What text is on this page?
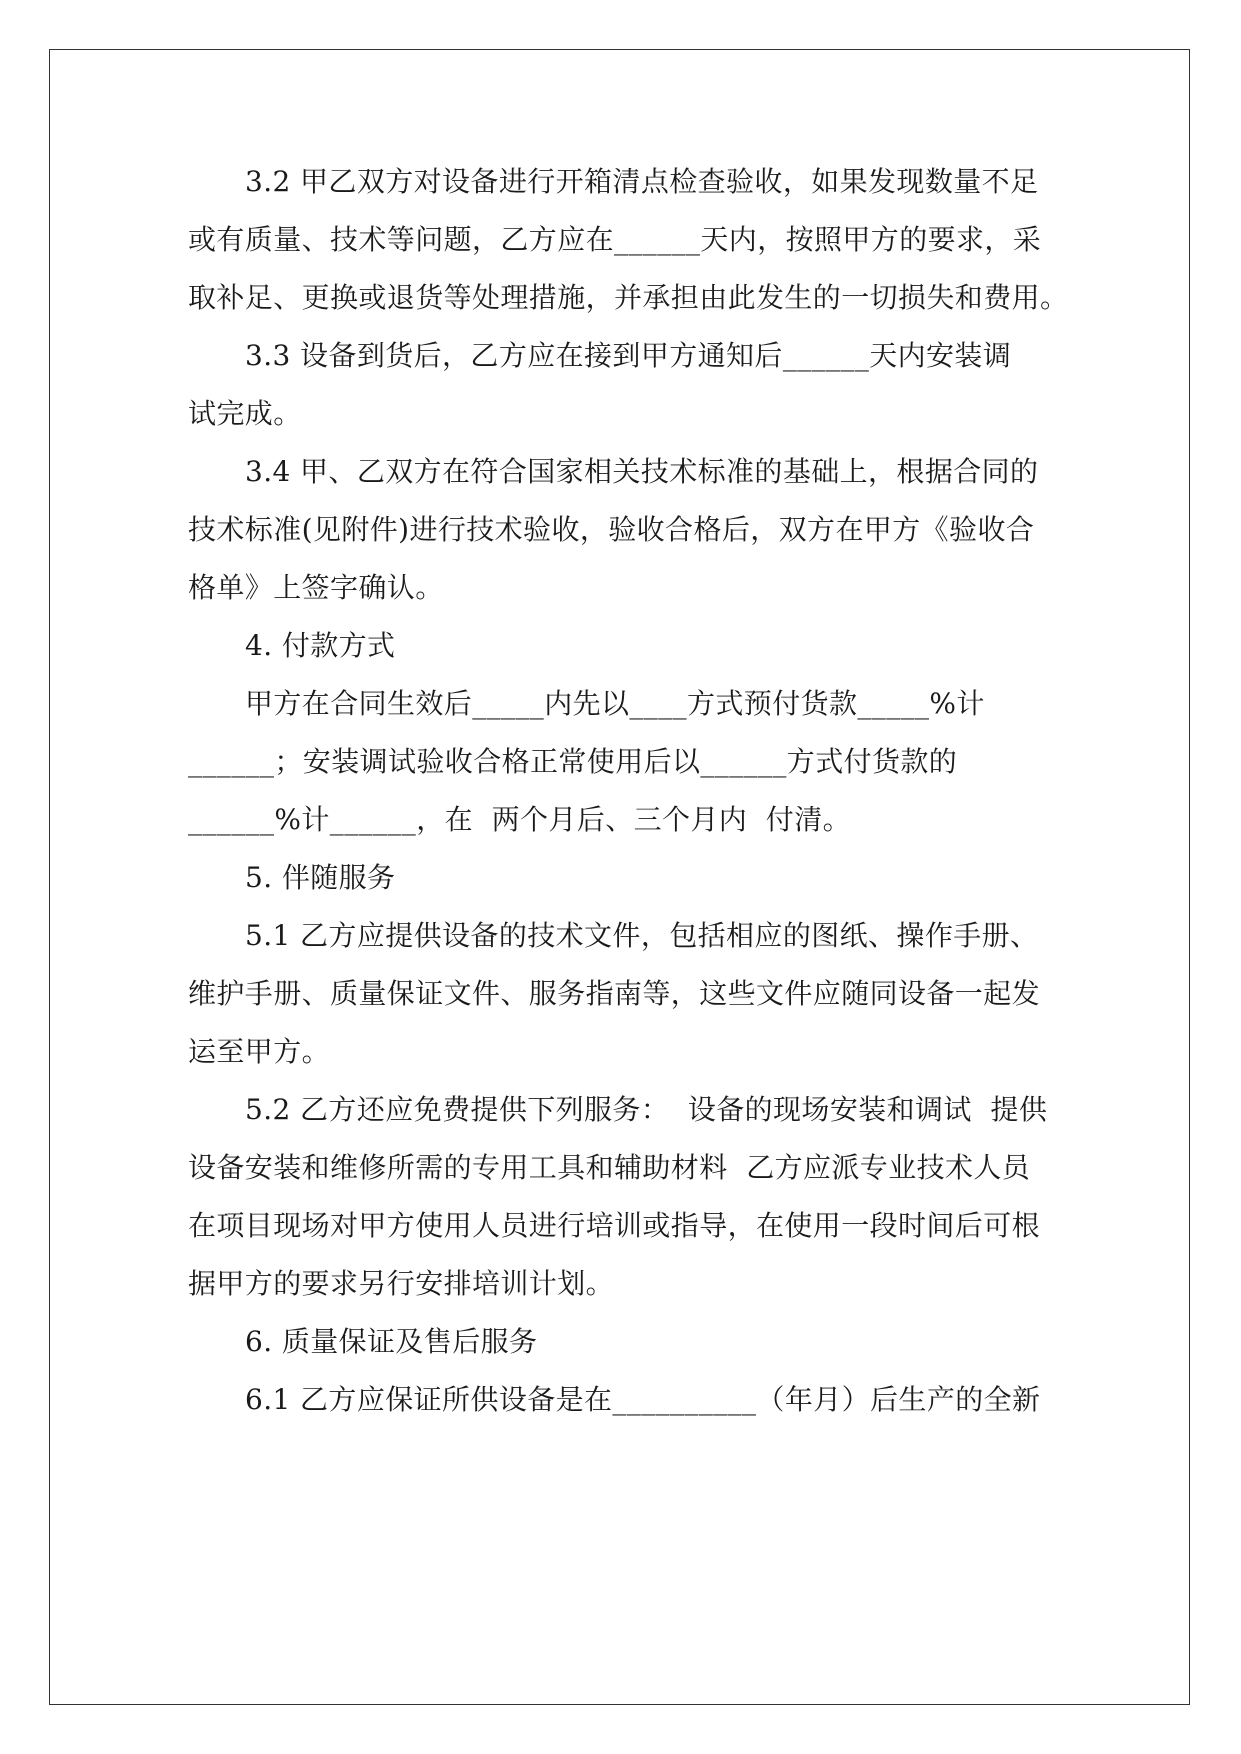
3.2 甲乙双方对设备进行开箱清点检查验收，如果发现数量不足
或有质量、技术等问题，乙方应在______天内，按照甲方的要求，采
取补足、更换或退货等处理措施，并承担由此发生的一切损失和费用。
3.3 设备到货后，乙方应在接到甲方通知后______天内安装调
试完成。
3.4 甲、乙双方在符合国家相关技术标准的基础上，根据合同的
技术标准(见附件)进行技术验收，验收合格后，双方在甲方《验收合
格单》上签字确认。
4. 付款方式
甲方在合同生效后_____内先以____方式预付货款_____%计
______；安装调试验收合格正常使用后以______方式付货款的
______%计______，在  两个月后、三个月内  付清。
5. 伴随服务
5.1 乙方应提供设备的技术文件，包括相应的图纸、操作手册、
维护手册、质量保证文件、服务指南等，这些文件应随同设备一起发
运至甲方。
5.2 乙方还应免费提供下列服务：  设备的现场安装和调试  提供
设备安装和维修所需的专用工具和辅助材料  乙方应派专业技术人员
在项目现场对甲方使用人员进行培训或指导，在使用一段时间后可根
据甲方的要求另行安排培训计划。
6. 质量保证及售后服务
6.1 乙方应保证所供设备是在__________（年月）后生产的全新
